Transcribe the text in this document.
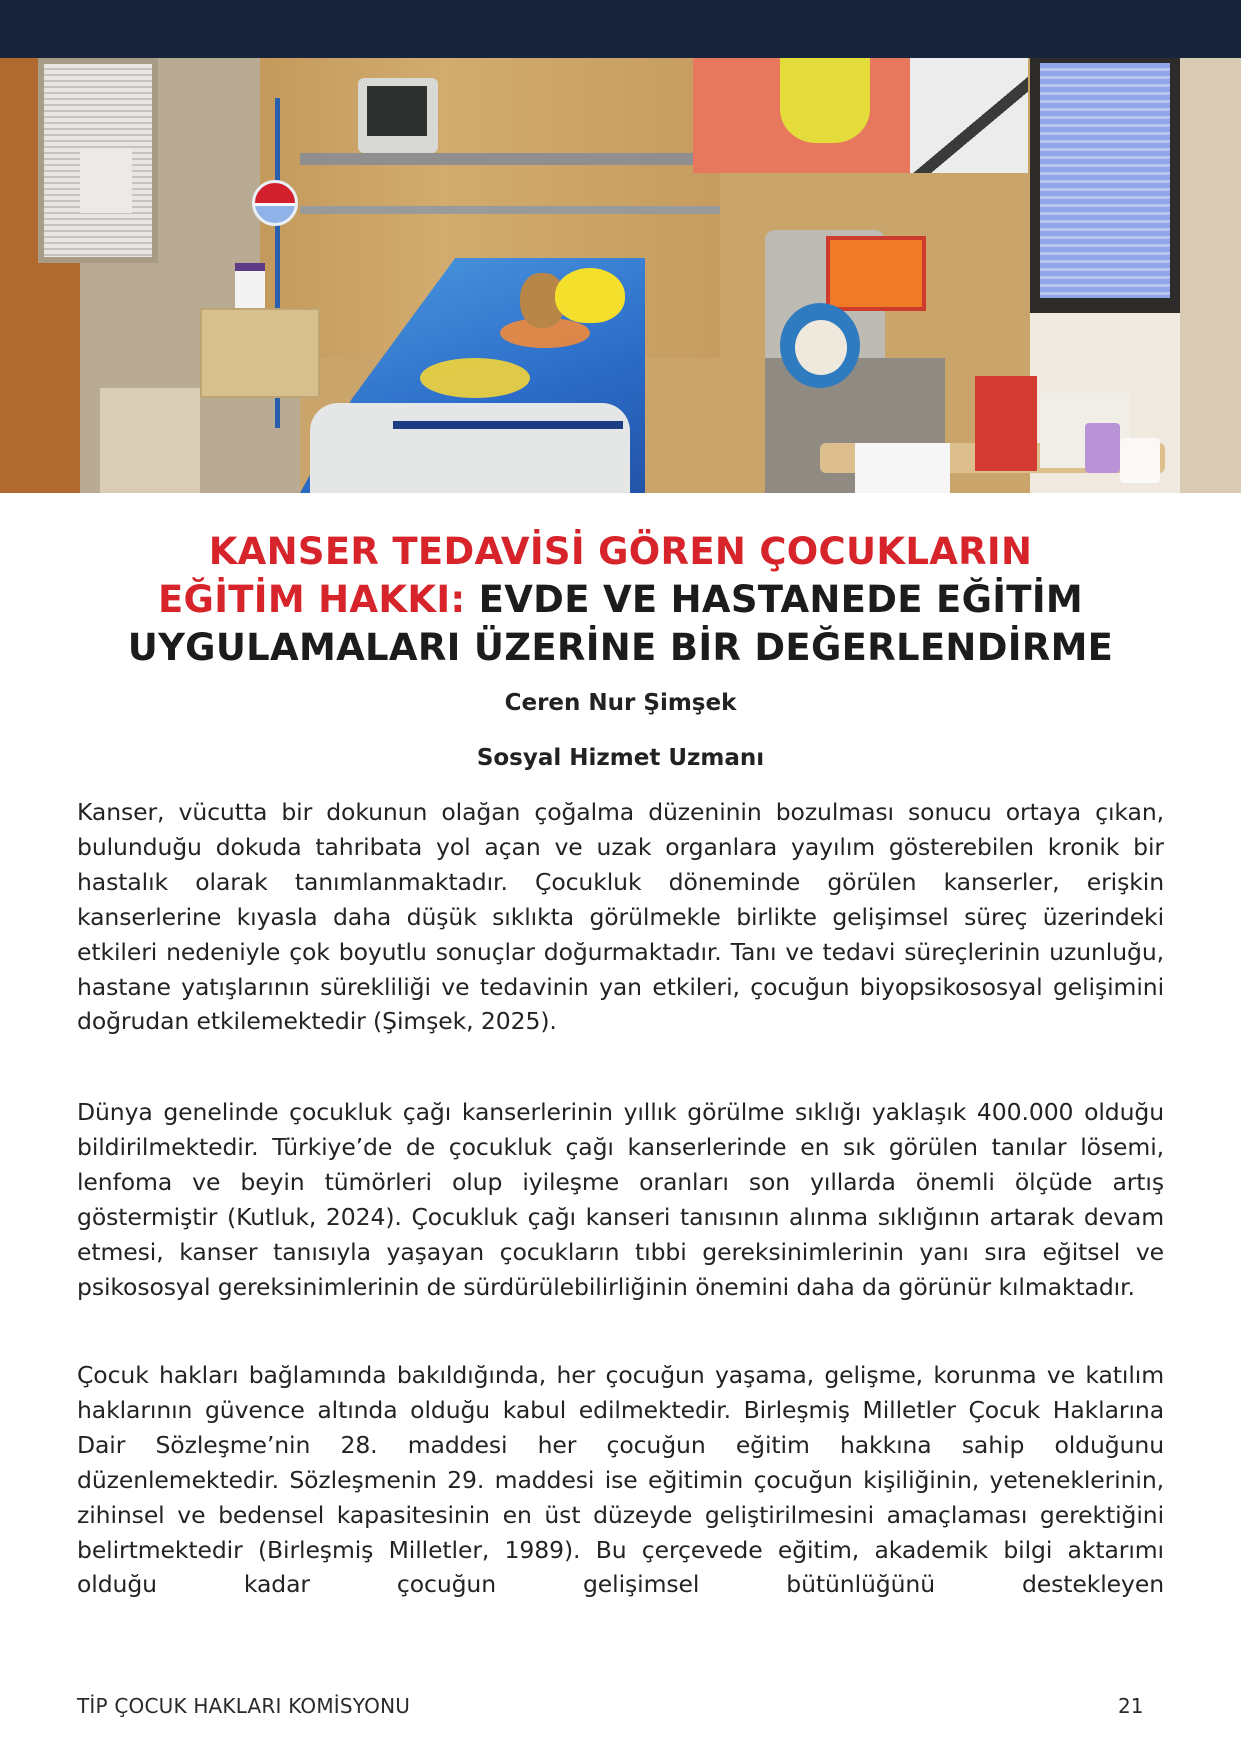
KANSER TEDAVİSİ GÖREN ÇOCUKLARIN
EĞİTİM HAKKI: EVDE VE HASTANEDE EĞİTİM
UYGULAMALARI ÜZERİNE BİR DEĞERLENDİRME
Ceren Nur Şimşek
Sosyal Hizmet Uzmanı

Kanser, vücutta bir dokunun olağan çoğalma düzeninin bozulması sonucu ortaya çıkan, bulunduğu dokuda tahribata yol açan ve uzak organlara yayılım gösterebilen kronik bir hastalık olarak tanımlanmaktadır. Çocukluk döneminde görülen kanserler, erişkin kanserlerine kıyasla daha düşük sıklıkta görülmekle birlikte gelişimsel süreç üzerindeki etkileri nedeniyle çok boyutlu sonuçlar doğurmaktadır. Tanı ve tedavi süreçlerinin uzunluğu, hastane yatışlarının sürekliliği ve tedavinin yan etkileri, çocuğun biyopsikososyal gelişimini doğrudan etkilemektedir (Şimşek, 2025).

Dünya genelinde çocukluk çağı kanserlerinin yıllık görülme sıklığı yaklaşık 400.000 olduğu bildirilmektedir. Türkiye’de de çocukluk çağı kanserlerinde en sık görülen tanılar lösemi, lenfoma ve beyin tümörleri olup iyileşme oranları son yıllarda önemli ölçüde artış göstermiştir (Kutluk, 2024). Çocukluk çağı kanseri tanısının alınma sıklığının artarak devam etmesi, kanser tanısıyla yaşayan çocukların tıbbi gereksinimlerinin yanı sıra eğitsel ve psikososyal gereksinimlerinin de sürdürülebilirliğinin önemini daha da görünür kılmaktadır.

Çocuk hakları bağlamında bakıldığında, her çocuğun yaşama, gelişme, korunma ve katılım haklarının güvence altında olduğu kabul edilmektedir. Birleşmiş Milletler Çocuk Haklarına Dair Sözleşme’nin 28. maddesi her çocuğun eğitim hakkına sahip olduğunu düzenlemektedir. Sözleşmenin 29. maddesi ise eğitimin çocuğun kişiliğinin, yeteneklerinin, zihinsel ve bedensel kapasitesinin en üst düzeyde geliştirilmesini amaçlaması gerektiğini belirtmektedir (Birleşmiş Milletler, 1989). Bu çerçevede eğitim, akademik bilgi aktarımı olduğu kadar çocuğun gelişimsel bütünlüğünü destekleyen

TİP ÇOCUK HAKLARI KOMİSYONU	21
